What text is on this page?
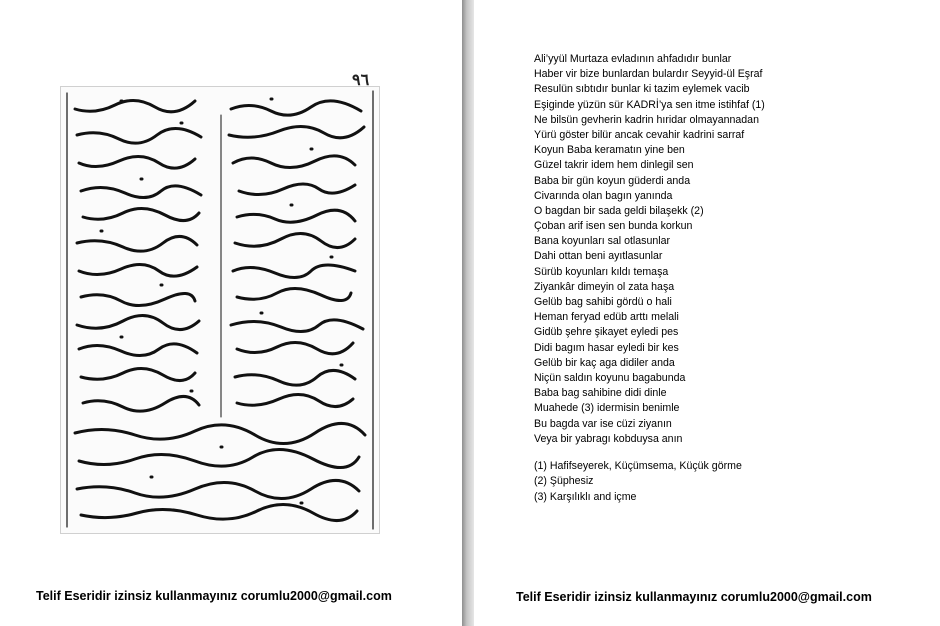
٩٦
Telif Eseridir izinsiz kullanmayınız corumlu2000@gmail.com
Ali’yyül Murtaza evladının ahfadıdır bunlar
Haber vir bize bunlardan bulardır Seyyid-ül Eşraf
Resulün sıbtıdır bunlar ki tazim eylemek vacib
Eşiginde yüzün sür KADRİ’ya sen itme istihfaf (1)
Ne bilsün gevherin kadrin hıridar olmayannadan
Yürü göster bilür ancak cevahir kadrini sarraf
Koyun Baba keramatın yine ben
Güzel takrir idem hem dinlegil sen
Baba bir gün koyun güderdi anda
Civarında olan bagın yanında
O bagdan bir sada geldi bilaşekk (2)
Çoban arif isen sen bunda korkun
Bana koyunları sal otlasunlar
Dahi ottan beni ayıtlasunlar
Sürüb koyunları kıldı temaşa
Ziyankâr dimeyin ol zata haşa
Gelüb bag sahibi gördü o hali
Heman feryad edüb arttı melali
Gidüb şehre şikayet eyledi pes
Didi bagım hasar eyledi bir kes
Gelüb bir kaç aga didiler anda
Niçün saldın koyunu bagabunda
Baba bag sahibine didi dinle
Muahede (3) idermisin benimle
Bu bagda var ise cüzi ziyanın
Veya bir yabragı kobduysa anın
(1) Hafifseyerek, Küçümsema, Küçük görme
(2) Şüphesiz
(3) Karşılıklı and içme
Telif Eseridir izinsiz kullanmayınız corumlu2000@gmail.com
